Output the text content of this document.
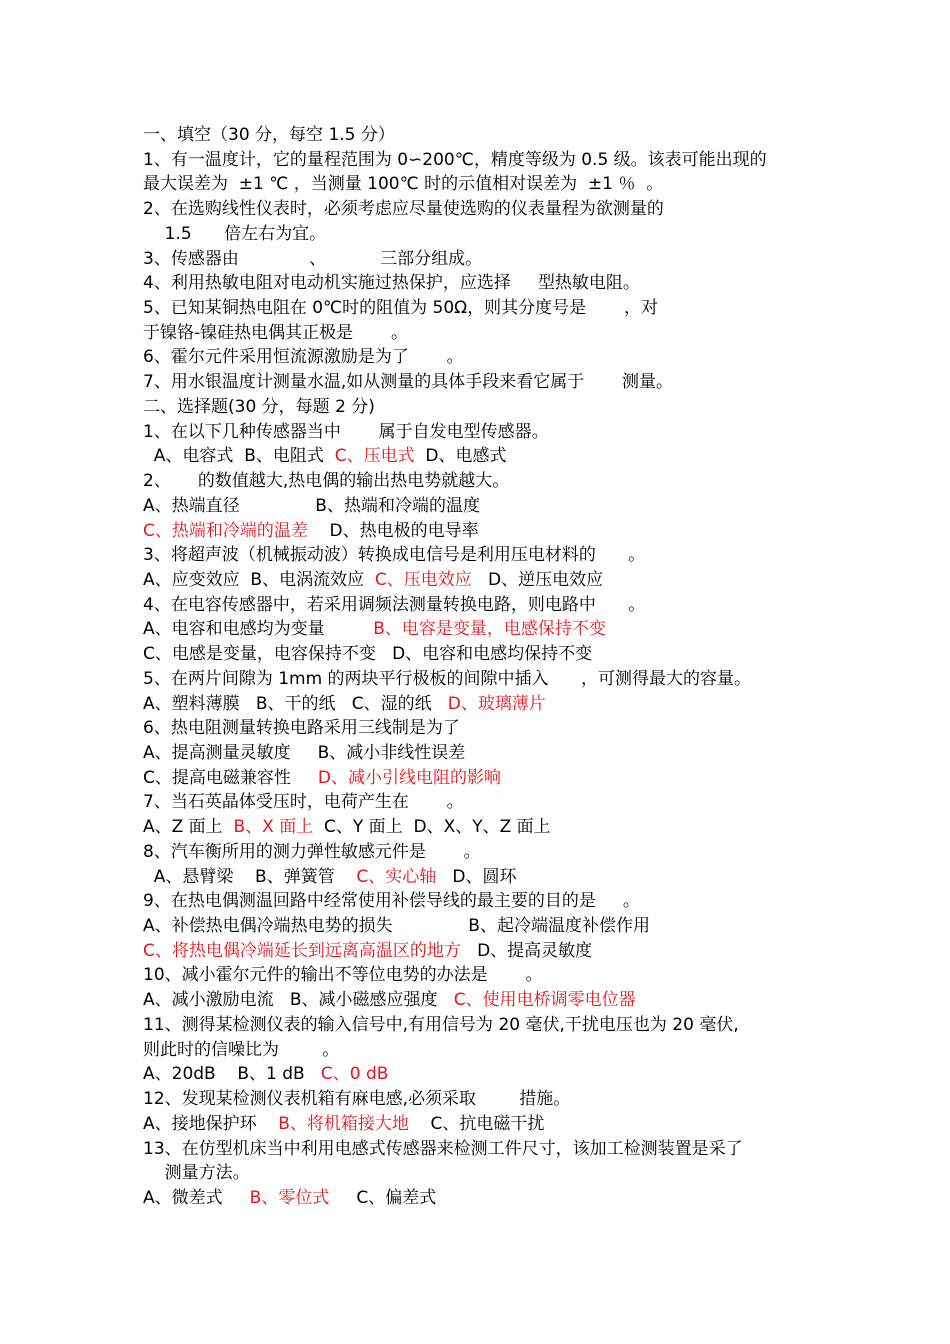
一、填空（30 分，每空 1.5 分）
1、有一温度计，它的量程范围为 0∽200℃，精度等级为 0.5 级。该表可能出现的
最大误差为  ±1 ℃ ，当测量 100℃ 时的示值相对误差为  ±1 ％  。
2、在选购线性仪表时，必须考虑应尽量使选购的仪表量程为欲测量的
1.5      倍左右为宜。
3、传感器由             、          三部分组成。
4、利用热敏电阻对电动机实施过热保护，应选择     型热敏电阻。
5、已知某铜热电阻在 0℃时的阻值为 50Ω，则其分度号是       ，对
于镍铬-镍硅热电偶其正极是       。
6、霍尔元件采用恒流源激励是为了       。
7、用水银温度计测量水温,如从测量的具体手段来看它属于       测量。
二、选择题(30 分，每题 2 分)
1、在以下几种传感器当中       属于自发电型传感器。
A、电容式  B、电阻式  C、压电式  D、电感式
2、     的数值越大,热电偶的输出热电势就越大。
A、热端直径              B、热端和冷端的温度
C、热端和冷端的温差    D、热电极的电导率
3、将超声波（机械振动波）转换成电信号是利用压电材料的      。
A、应变效应  B、电涡流效应  C、压电效应   D、逆压电效应
4、在电容传感器中，若采用调频法测量转换电路，则电路中      。
A、电容和电感均为变量         B、电容是变量，电感保持不变
C、电感是变量，电容保持不变   D、电容和电感均保持不变
5、在两片间隙为 1mm 的两块平行极板的间隙中插入      ，可测得最大的容量。
A、塑料薄膜   B、干的纸   C、湿的纸   D、玻璃薄片
6、热电阻测量转换电路采用三线制是为了
A、提高测量灵敏度     B、减小非线性误差
C、提高电磁兼容性     D、减小引线电阻的影响
7、当石英晶体受压时，电荷产生在       。
A、Z 面上  B、X 面上  C、Y 面上  D、X、Y、Z 面上
8、汽车衡所用的测力弹性敏感元件是       。
A、悬臂梁    B、弹簧管    C、实心轴   D、圆环
9、在热电偶测温回路中经常使用补偿导线的最主要的目的是     。
A、补偿热电偶冷端热电势的损失              B、起冷端温度补偿作用
C、将热电偶冷端延长到远离高温区的地方   D、提高灵敏度
10、减小霍尔元件的输出不等位电势的办法是       。
A、减小激励电流   B、减小磁感应强度   C、使用电桥调零电位器
11、测得某检测仪表的输入信号中,有用信号为 20 毫伏,干扰电压也为 20 毫伏,
则此时的信噪比为        。
A、20dB    B、1 dB   C、0 dB
12、发现某检测仪表机箱有麻电感,必须采取        措施。
A、接地保护环    B、将机箱接大地    C、抗电磁干扰
13、在仿型机床当中利用电感式传感器来检测工件尺寸，该加工检测装置是采了
测量方法。
A、微差式     B、零位式     C、偏差式
